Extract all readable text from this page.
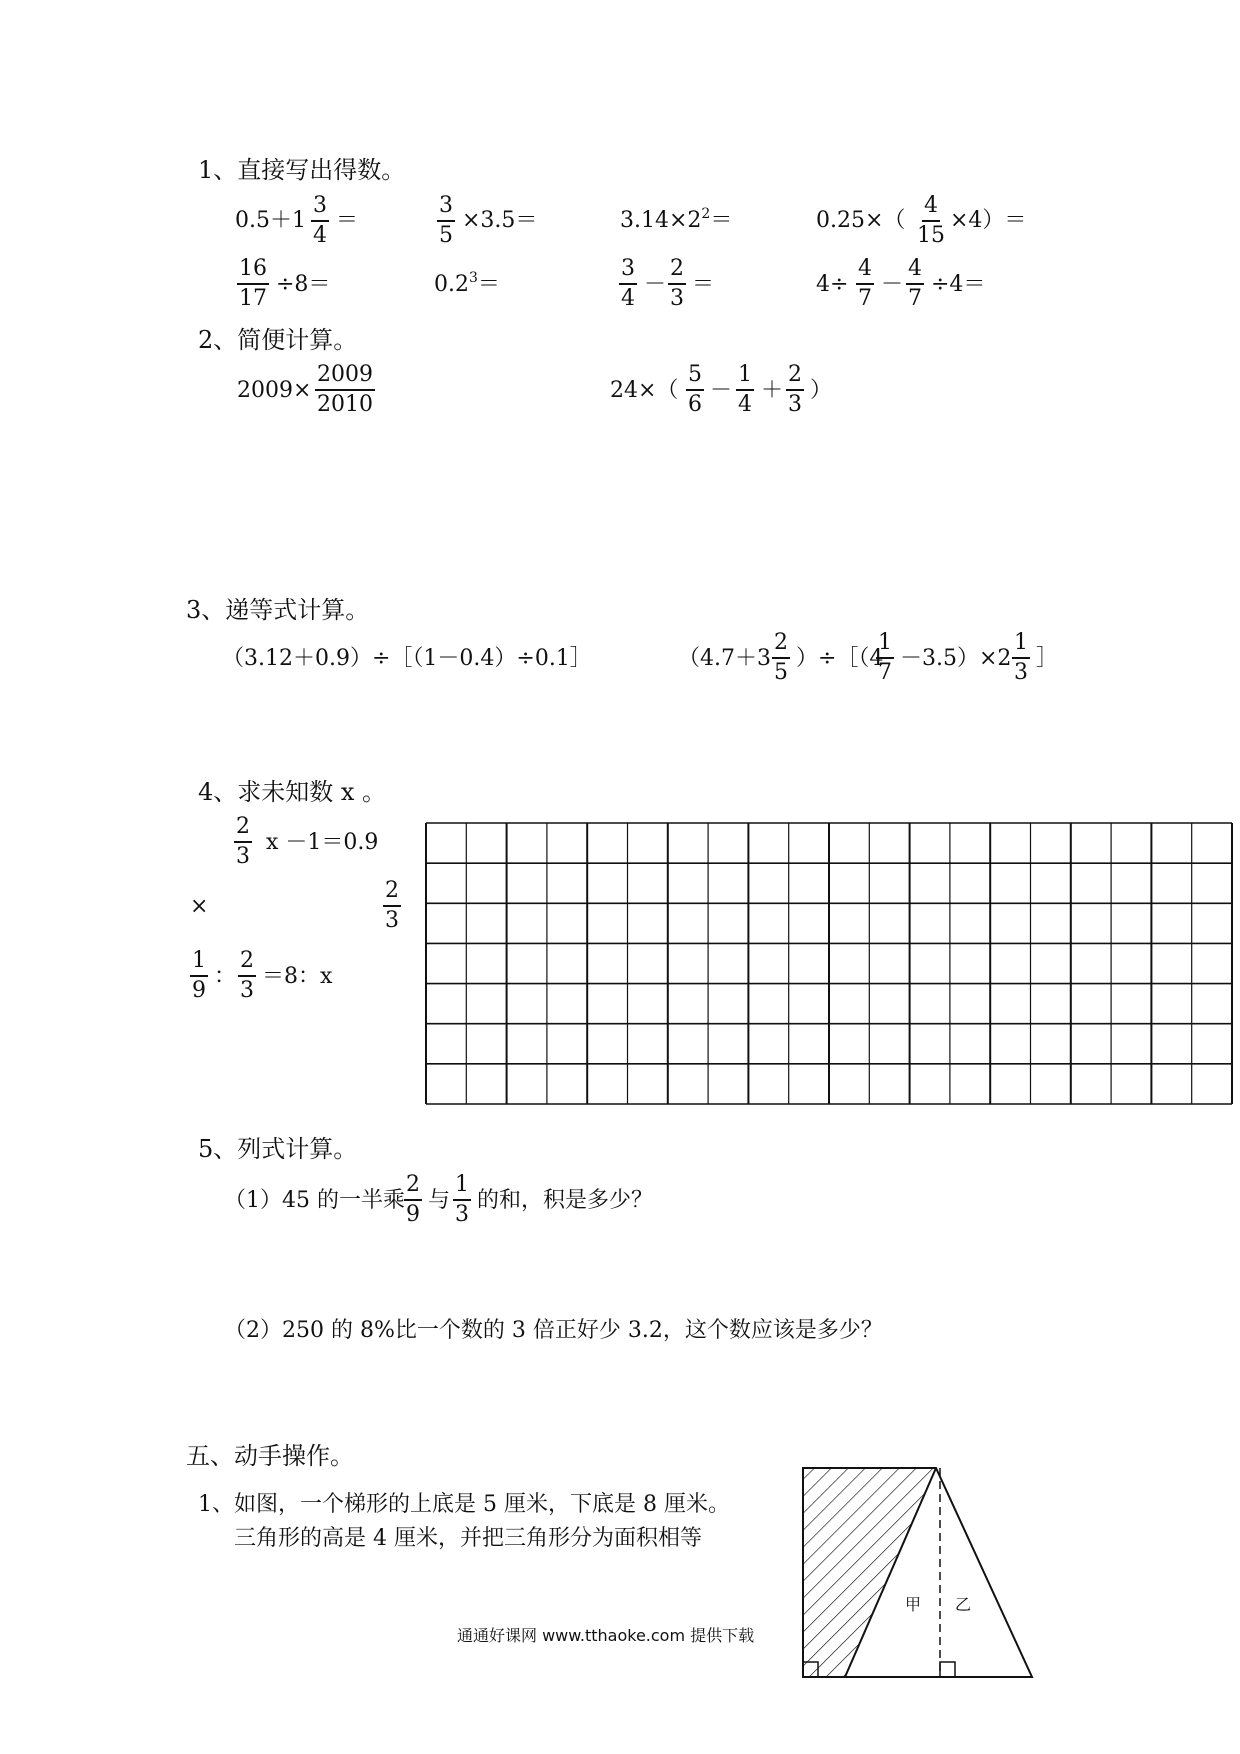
1、直接写出得数。
$0.5+1 \frac{3}{4}$ ＝	$\frac{3}{5} \times 3.5=$	$3.14\times 2^2=$	$0.25\times( \frac{4}{15} \times 4)=$
$\frac{16}{17} \div 8=$	$0.2^3=$	$\frac{3}{4} - \frac{2}{3}$ ＝	$4\div \frac{4}{7} - \frac{4}{7} \div 4=$
2、简便计算。
$2009\times \frac{2009}{2010}$	$24\times( \frac{5}{6} - \frac{1}{4} + \frac{2}{3}$ ）
3、递等式计算。
（3.12＋0.9）÷［（1－0.4）÷0.1］	（$4.7+3 \frac{2}{5}$ ）÷［（4
$\frac{1}{7} -3.5)\times 2 \frac{1}{3}$ ］
4、求未知数 x 。
$\frac{2}{3}$ x －1＝0.9
×	$\frac{2}{3}$
$\frac{1}{9}$ ： $\frac{2}{3} =8$：x
5、列式计算。
（1）45 的一半乘 $\frac{2}{9}$ 与 $\frac{1}{3}$ 的和，积是多少？
（2）250 的 8%比一个数的 3 倍正好少 3.2，这个数应该是多少？
五、动手操作。
1、如图，一个梯形的上底是 5 厘米，下底是 8 厘米。
三角形的高是 4 厘米，并把三角形分为面积相等
甲 乙
通通好课网 www.tthaoke.com 提供下载
